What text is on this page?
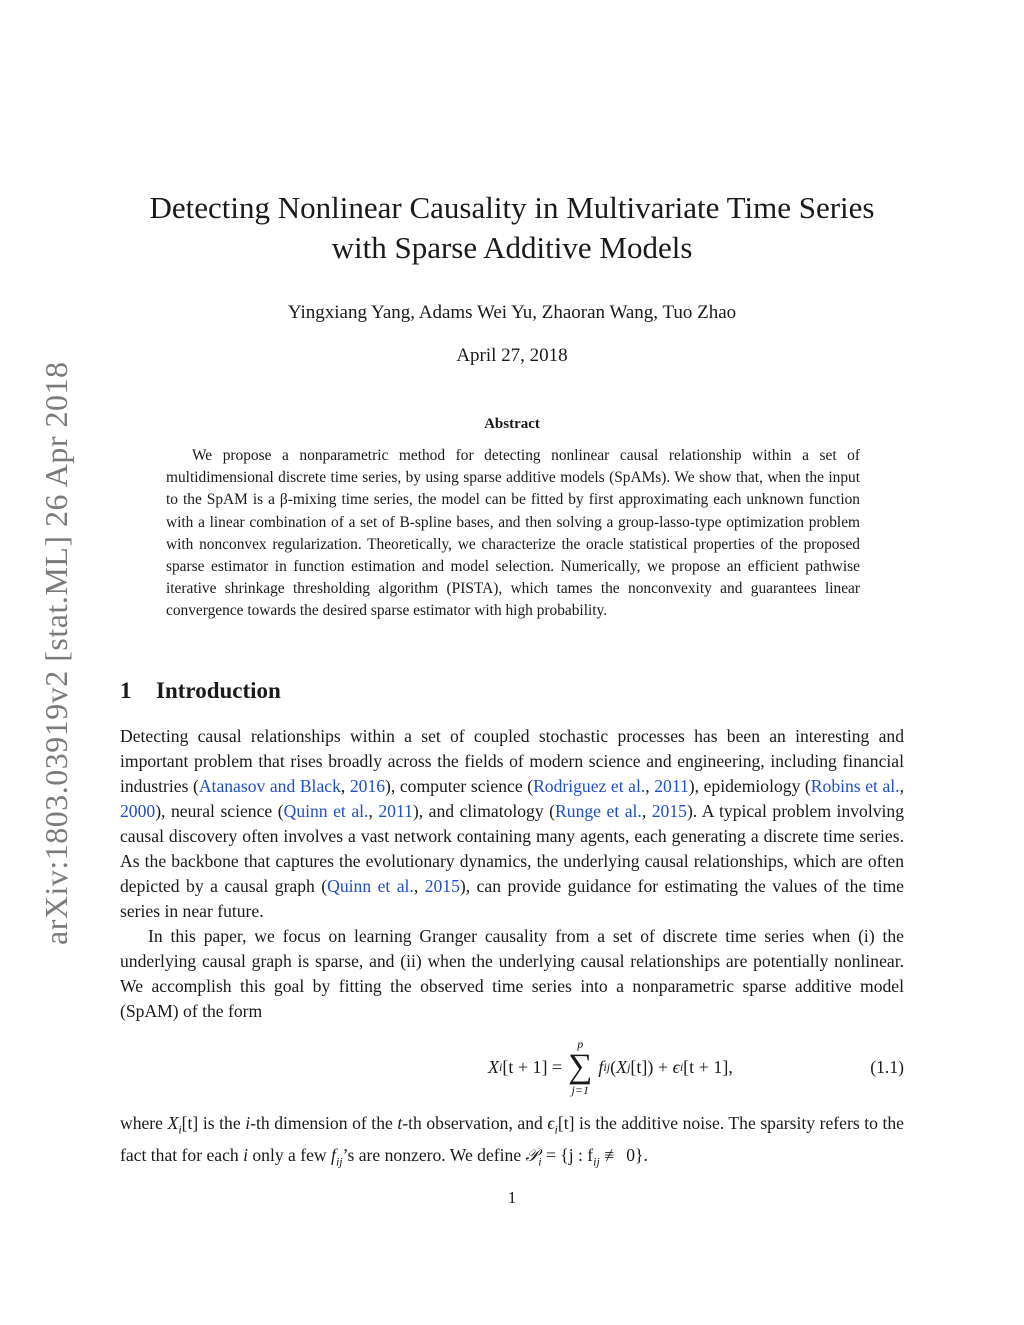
arXiv:1803.03919v2 [stat.ML] 26 Apr 2018
Detecting Nonlinear Causality in Multivariate Time Series
with Sparse Additive Models
Yingxiang Yang, Adams Wei Yu, Zhaoran Wang, Tuo Zhao
April 27, 2018
Abstract
We propose a nonparametric method for detecting nonlinear causal relationship within a set of multidimensional discrete time series, by using sparse additive models (SpAMs). We show that, when the input to the SpAM is a β-mixing time series, the model can be fitted by first approximating each unknown function with a linear combination of a set of B-spline bases, and then solving a group-lasso-type optimization problem with nonconvex regularization. Theoretically, we characterize the oracle statistical properties of the proposed sparse estimator in function estimation and model selection. Numerically, we propose an efficient pathwise iterative shrinkage thresholding algorithm (PISTA), which tames the nonconvexity and guarantees linear convergence towards the desired sparse estimator with high probability.
1 Introduction
Detecting causal relationships within a set of coupled stochastic processes has been an interesting and important problem that rises broadly across the fields of modern science and engineering, including financial industries (Atanasov and Black, 2016), computer science (Rodriguez et al., 2011), epidemiology (Robins et al., 2000), neural science (Quinn et al., 2011), and climatology (Runge et al., 2015). A typical problem involving causal discovery often involves a vast network containing many agents, each generating a discrete time series. As the backbone that captures the evolutionary dynamics, the underlying causal relationships, which are often depicted by a causal graph (Quinn et al., 2015), can provide guidance for estimating the values of the time series in near future.
In this paper, we focus on learning Granger causality from a set of discrete time series when (i) the underlying causal graph is sparse, and (ii) when the underlying causal relationships are potentially nonlinear. We accomplish this goal by fitting the observed time series into a nonparametric sparse additive model (SpAM) of the form
X i [t + 1] =
p
∑
j=1
f ij ( X j [t]) +
ϵ i [t + 1],	(1.1)
where $X_i[t]$ is the i-th dimension of the t-th observation, and $\epsilon_i[t]$ is the additive noise. The sparsity refers to the fact that for each i only a few $f_{ij}’s$ are nonzero. We define 𝒫$_i$ = {j : $f_{ij}$ ≢ 0}.
1
